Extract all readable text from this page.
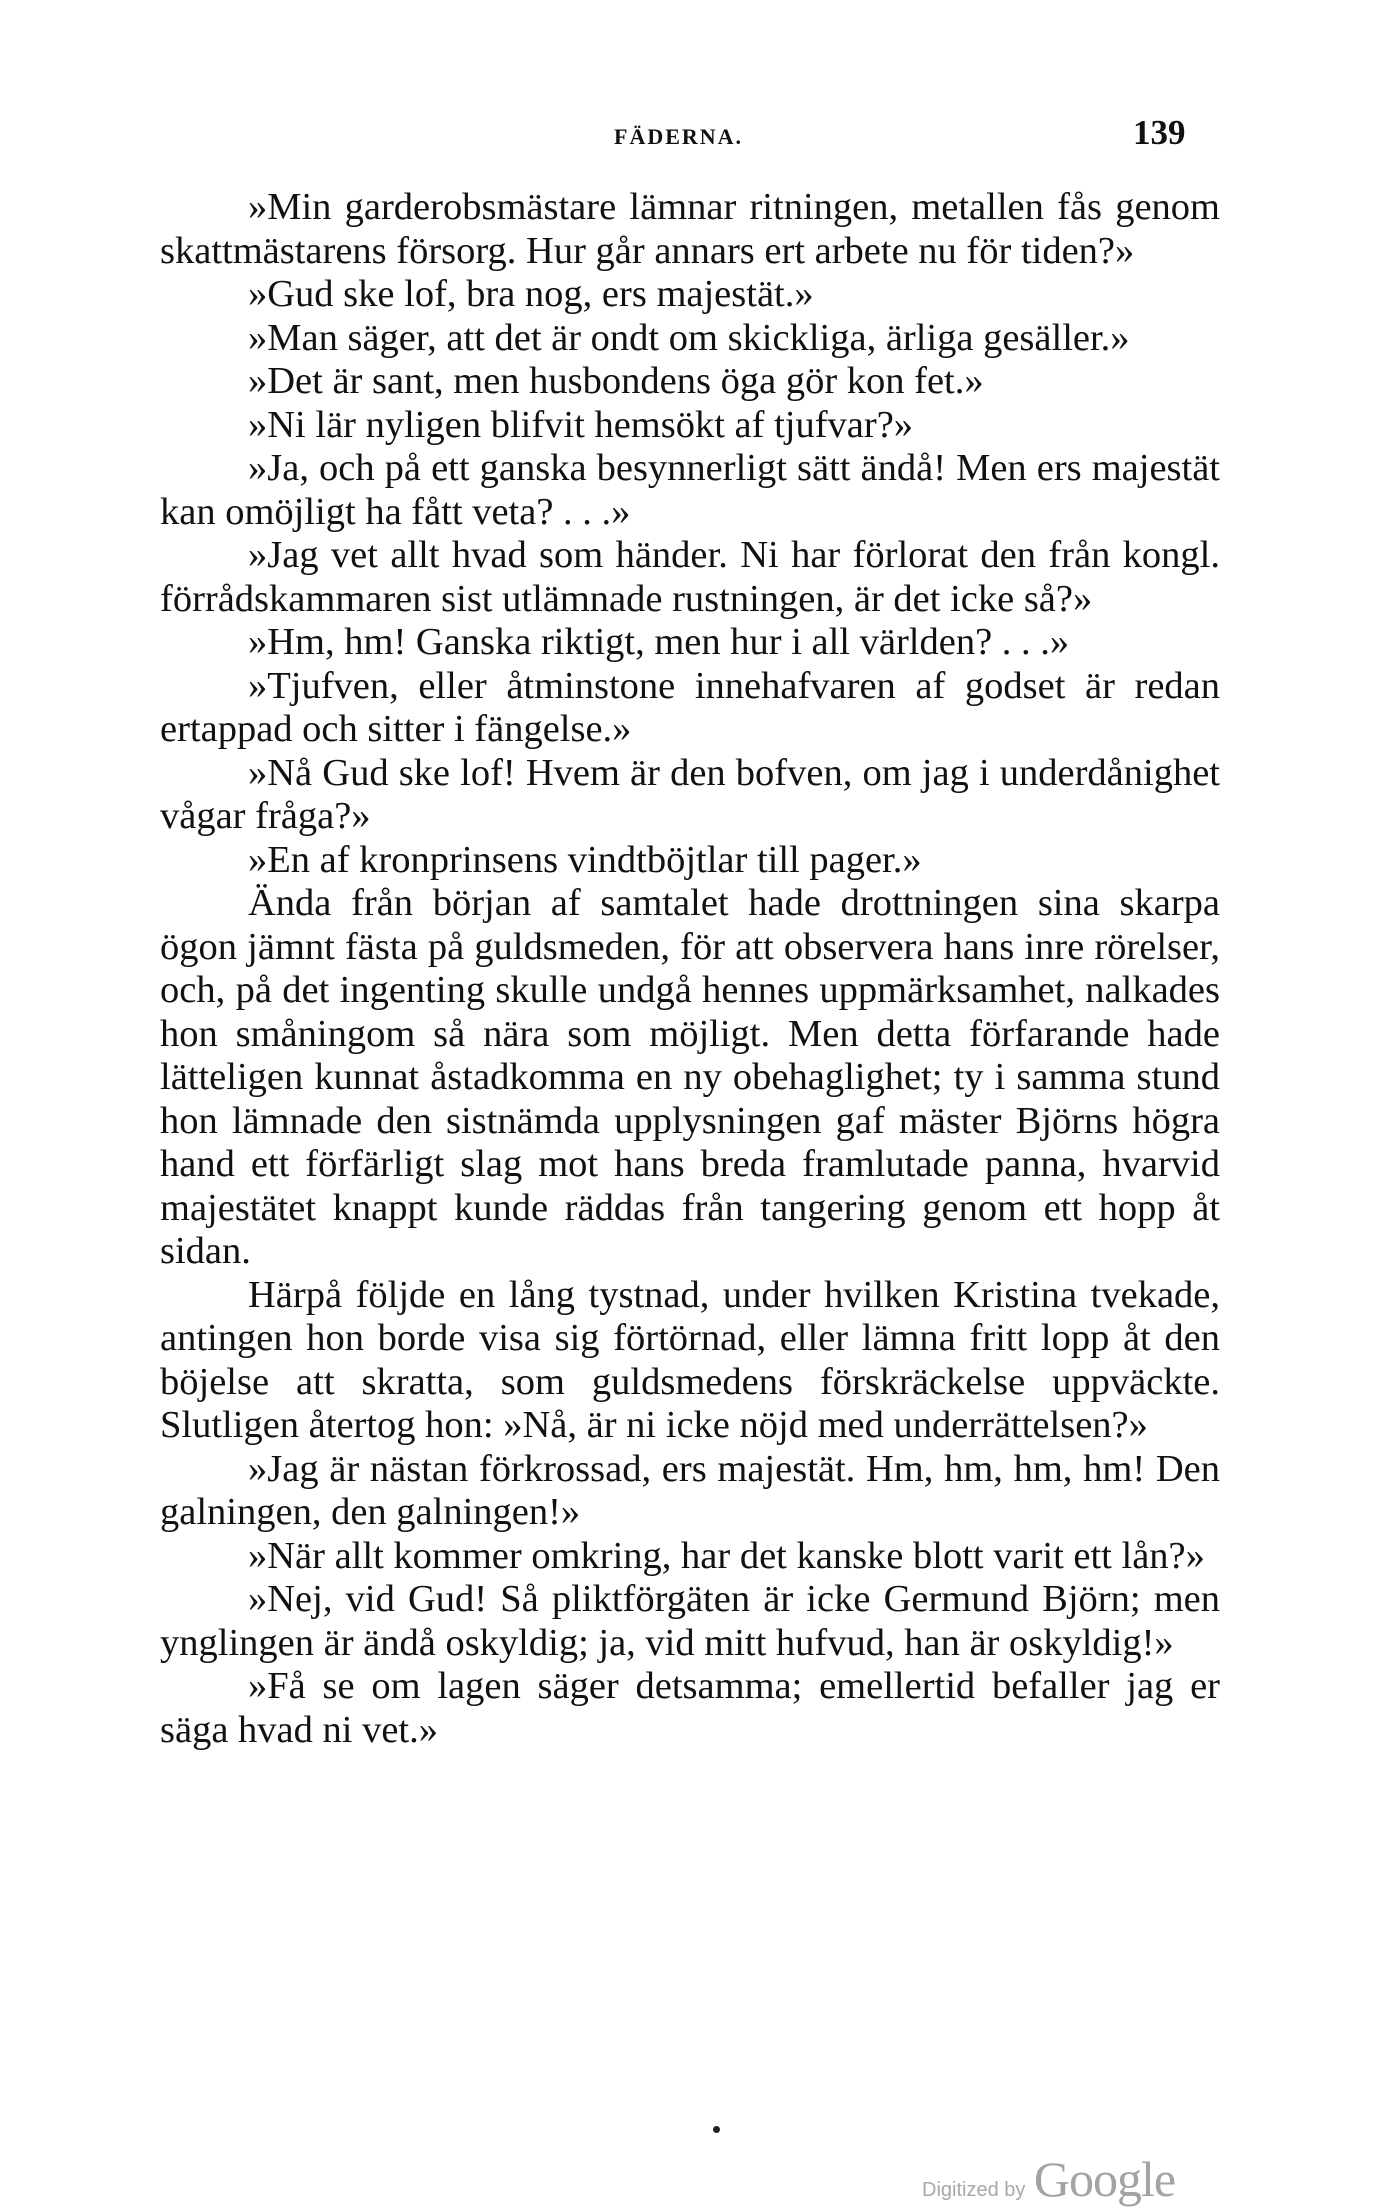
FÄDERNA.	139

»Min garderobsmästare lämnar ritningen, metallen fås genom skattmästarens försorg. Hur går annars ert arbete nu för tiden?»

»Gud ske lof, bra nog, ers majestät.»

»Man säger, att det är ondt om skickliga, ärliga gesäller.»

»Det är sant, men husbondens öga gör kon fet.»

»Ni lär nyligen blifvit hemsökt af tjufvar?»

»Ja, och på ett ganska besynnerligt sätt ändå! Men ers majestät kan omöjligt ha fått veta? . . .»

»Jag vet allt hvad som händer. Ni har förlorat den från kongl. förrådskammaren sist utlämnade rustningen, är det icke så?»

»Hm, hm! Ganska riktigt, men hur i all världen? . . .»

»Tjufven, eller åtminstone innehafvaren af godset är redan ertappad och sitter i fängelse.»

»Nå Gud ske lof! Hvem är den bofven, om jag i underdånighet vågar fråga?»

»En af kronprinsens vindtböjtlar till pager.»

Ända från början af samtalet hade drottningen sina skarpa ögon jämnt fästa på guldsmeden, för att observera hans inre rörelser, och, på det ingenting skulle undgå hennes uppmärksamhet, nalkades hon småningom så nära som möjligt. Men detta förfarande hade lätteligen kunnat åstadkomma en ny obehaglighet; ty i samma stund hon lämnade den sistnämda upplysningen gaf mäster Björns högra hand ett förfärligt slag mot hans breda framlutade panna, hvarvid majestätet knappt kunde räddas från tangering genom ett hopp åt sidan.

Härpå följde en lång tystnad, under hvilken Kristina tvekade, antingen hon borde visa sig förtörnad, eller lämna fritt lopp åt den böjelse att skratta, som guldsmedens förskräckelse uppväckte. Slutligen återtog hon: »Nå, är ni icke nöjd med underrättelsen?»

»Jag är nästan förkrossad, ers majestät. Hm, hm, hm, hm! Den galningen, den galningen!»

»När allt kommer omkring, har det kanske blott varit ett lån?»

»Nej, vid Gud! Så pliktförgäten är icke Germund Björn; men ynglingen är ändå oskyldig; ja, vid mitt hufvud, han är oskyldig!»

»Få se om lagen säger detsamma; emellertid befaller jag er säga hvad ni vet.»

Digitized by Google
